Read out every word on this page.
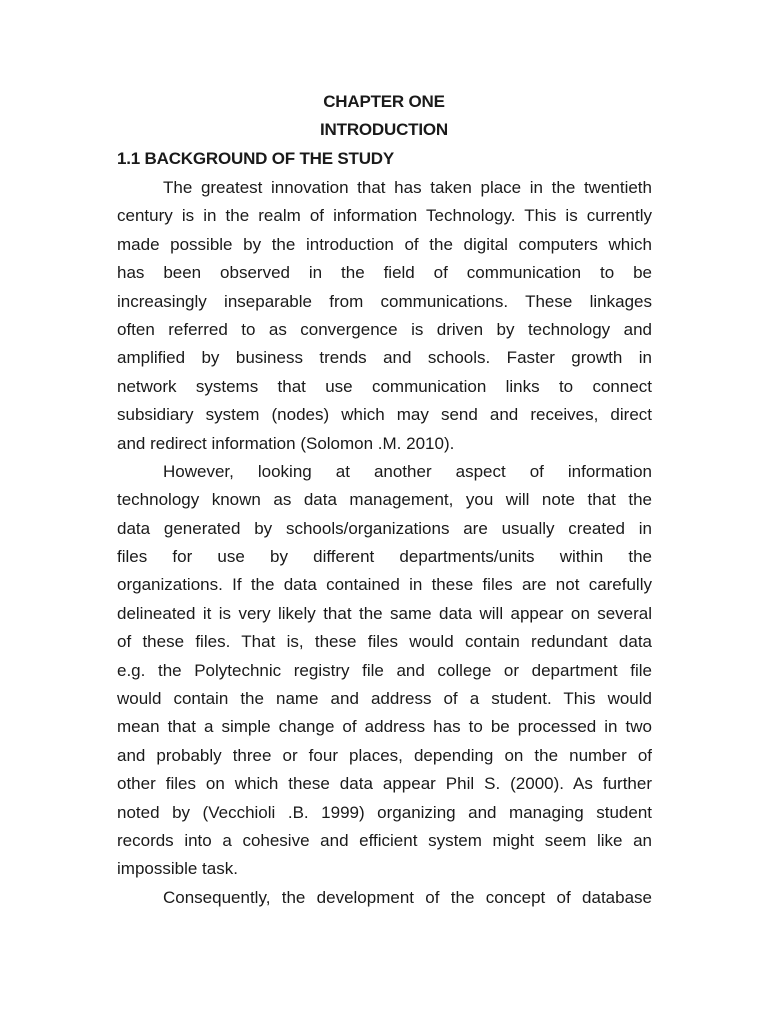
CHAPTER ONE
INTRODUCTION
1.1 BACKGROUND OF THE STUDY
The greatest innovation that has taken place in the twentieth
century is in the realm of information Technology. This is currently
made possible by the introduction of the digital computers which
has been observed in the field of communication to be
increasingly inseparable from communications. These linkages
often referred to as convergence is driven by technology and
amplified by business trends and schools. Faster growth in
network systems that use communication links to connect
subsidiary system (nodes) which may send and receives, direct
and redirect information (Solomon .M. 2010).
However, looking at another aspect of information
technology known as data management, you will note that the
data generated by schools/organizations are usually created in
files for use by different departments/units within the
organizations. If the data contained in these files are not carefully
delineated it is very likely that the same data will appear on several
of these files. That is, these files would contain redundant data
e.g. the Polytechnic registry file and college or department file
would contain the name and address of a student. This would
mean that a simple change of address has to be processed in two
and probably three or four places, depending on the number of
other files on which these data appear Phil S. (2000). As further
noted by (Vecchioli .B. 1999) organizing and managing student
records into a cohesive and efficient system might seem like an
impossible task.
Consequently, the development of the concept of database
